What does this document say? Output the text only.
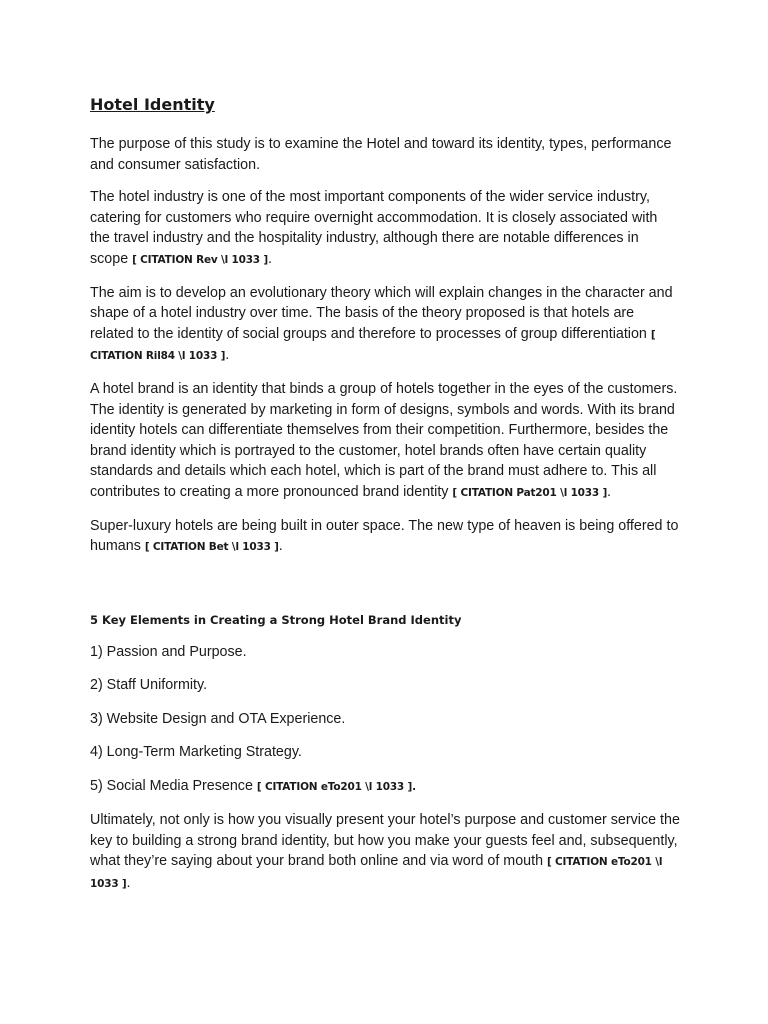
Hotel Identity

The purpose of this study is to examine the Hotel and toward its identity, types, performance and consumer satisfaction.

The hotel industry is one of the most important components of the wider service industry, catering for customers who require overnight accommodation. It is closely associated with the travel industry and the hospitality industry, although there are notable differences in scope [ CITATION Rev \l 1033 ].

The aim is to develop an evolutionary theory which will explain changes in the character and shape of a hotel industry over time. The basis of the theory proposed is that hotels are related to the identity of social groups and therefore to processes of group differentiation [ CITATION Ril84 \l 1033 ].

A hotel brand is an identity that binds a group of hotels together in the eyes of the customers. The identity is generated by marketing in form of designs, symbols and words. With its brand identity hotels can differentiate themselves from their competition. Furthermore, besides the brand identity which is portrayed to the customer, hotel brands often have certain quality standards and details which each hotel, which is part of the brand must adhere to. This all contributes to creating a more pronounced brand identity [ CITATION Pat201 \l 1033 ].

Super-luxury hotels are being built in outer space. The new type of heaven is being offered to humans [ CITATION Bet \l 1033 ].

5 Key Elements in Creating a Strong Hotel Brand Identity

1) Passion and Purpose.

2) Staff Uniformity.

3) Website Design and OTA Experience.

4) Long-Term Marketing Strategy.

5) Social Media Presence [ CITATION eTo201 \l 1033 ].

Ultimately, not only is how you visually present your hotel’s purpose and customer service the key to building a strong brand identity, but how you make your guests feel and, subsequently, what they’re saying about your brand both online and via word of mouth [ CITATION eTo201 \l 1033 ].
